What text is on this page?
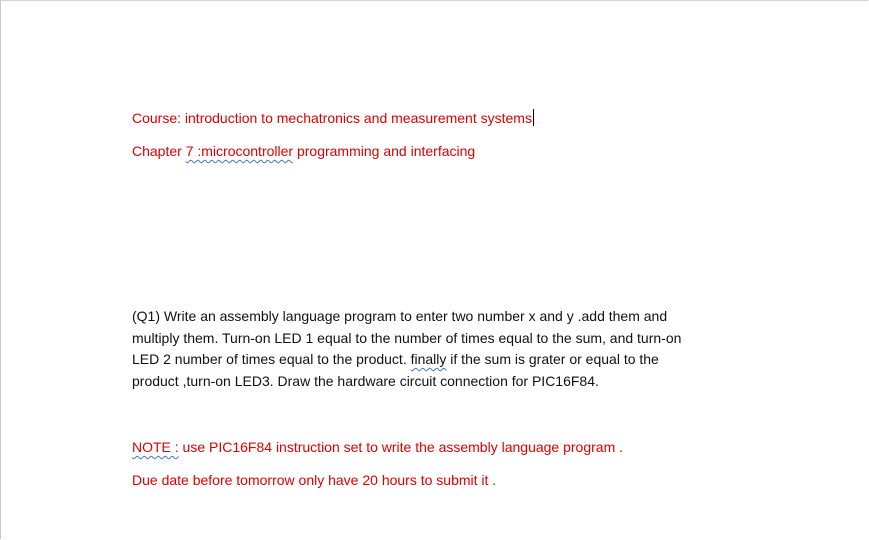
Course: introduction to mechatronics and measurement systems
Chapter 7 :microcontroller programming and interfacing
(Q1) Write an assembly language program to enter two number x and y .add them and
multiply them. Turn-on LED 1 equal to the number of times equal to the sum, and turn-on
LED 2 number of times equal to the product. finally if the sum is grater or equal to the
product ,turn-on LED3. Draw the hardware circuit connection for PIC16F84.
NOTE : use PIC16F84 instruction set to write the assembly language program .
Due date before tomorrow only have 20 hours to submit it .
